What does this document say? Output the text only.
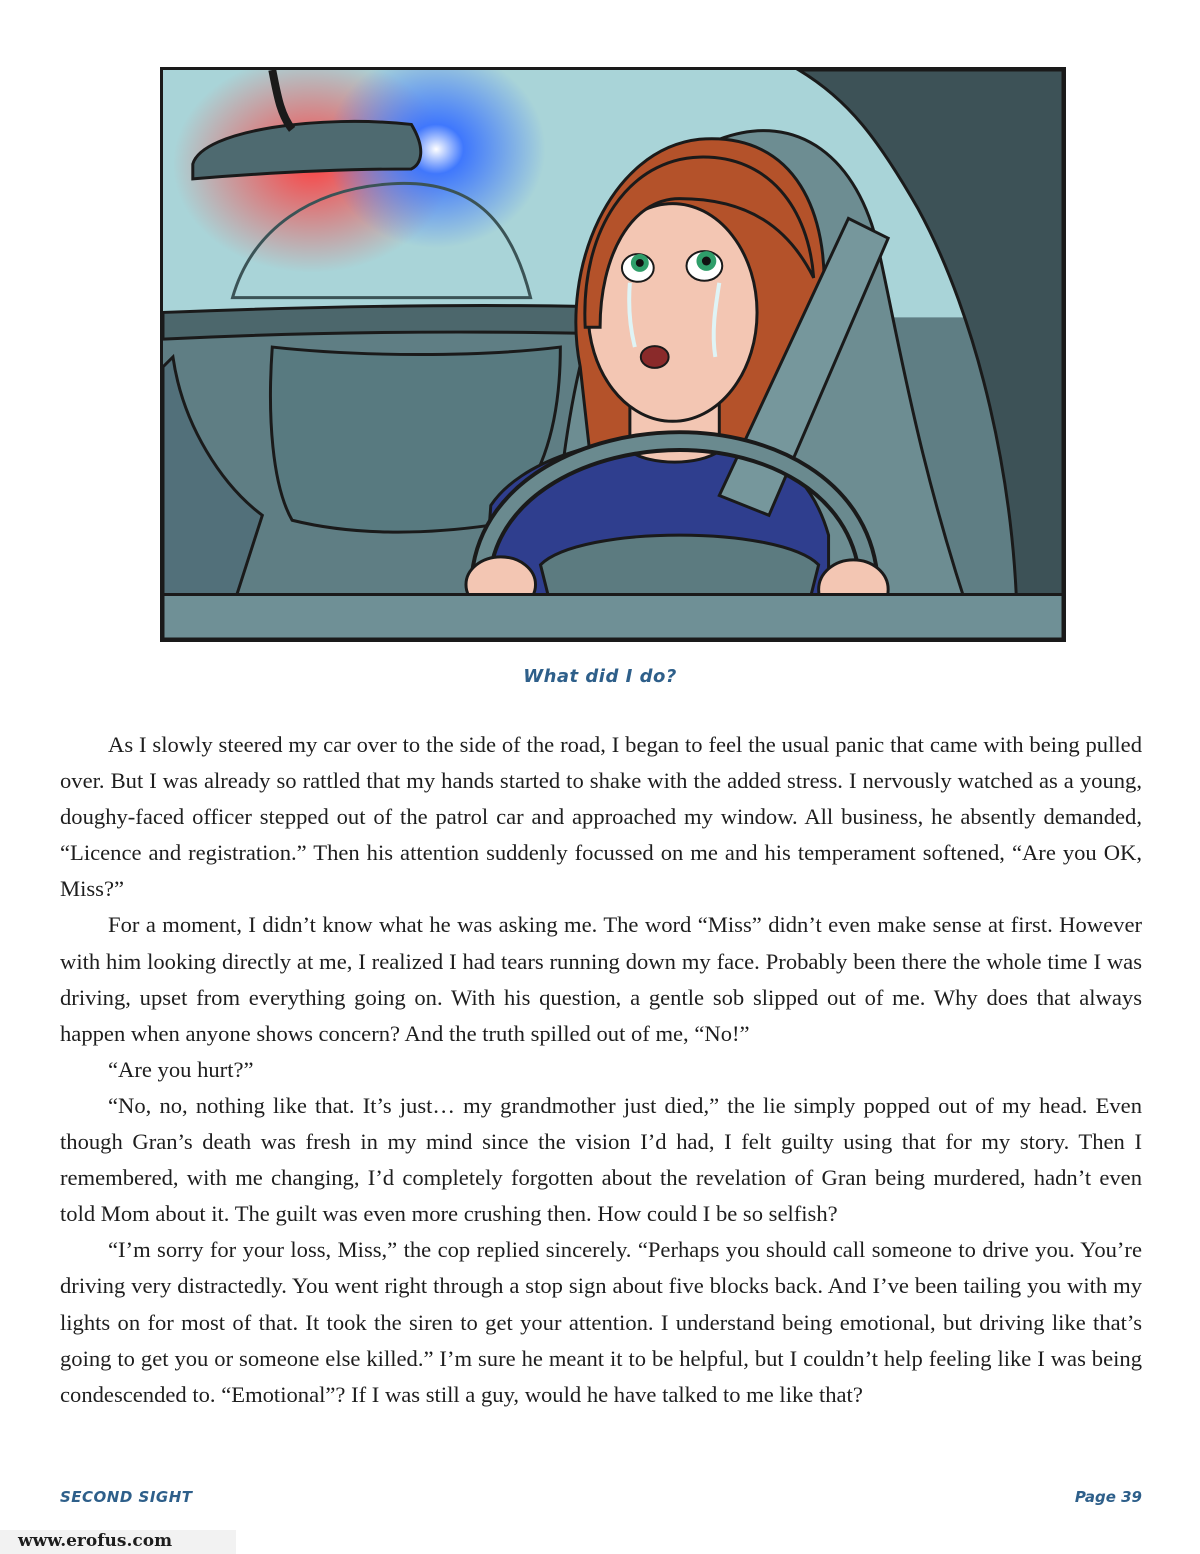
What did I do?

As I slowly steered my car over to the side of the road, I began to feel the usual panic that came with being pulled over. But I was already so rattled that my hands started to shake with the added stress. I nervously watched as a young, doughy-faced officer stepped out of the patrol car and approached my window. All business, he absently demanded, “Licence and registration.” Then his attention suddenly focussed on me and his temperament softened, “Are you OK, Miss?”

For a moment, I didn’t know what he was asking me. The word “Miss” didn’t even make sense at first. However with him looking directly at me, I realized I had tears running down my face. Probably been there the whole time I was driving, upset from everything going on. With his question, a gentle sob slipped out of me. Why does that always happen when anyone shows concern? And the truth spilled out of me, “No!”

“Are you hurt?”

“No, no, nothing like that. It’s just… my grandmother just died,” the lie simply popped out of my head. Even though Gran’s death was fresh in my mind since the vision I’d had, I felt guilty using that for my story. Then I remembered, with me changing, I’d completely forgotten about the revelation of Gran being murdered, hadn’t even told Mom about it. The guilt was even more crushing then. How could I be so selfish?

“I’m sorry for your loss, Miss,” the cop replied sincerely. “Perhaps you should call someone to drive you. You’re driving very distractedly. You went right through a stop sign about five blocks back. And I’ve been tailing you with my lights on for most of that. It took the siren to get your attention. I understand being emotional, but driving like that’s going to get you or someone else killed.” I’m sure he meant it to be helpful, but I couldn’t help feeling like I was being condescended to. “Emotional”? If I was still a guy, would he have talked to me like that?

SECOND SIGHT	Page 39
www.erofus.com
